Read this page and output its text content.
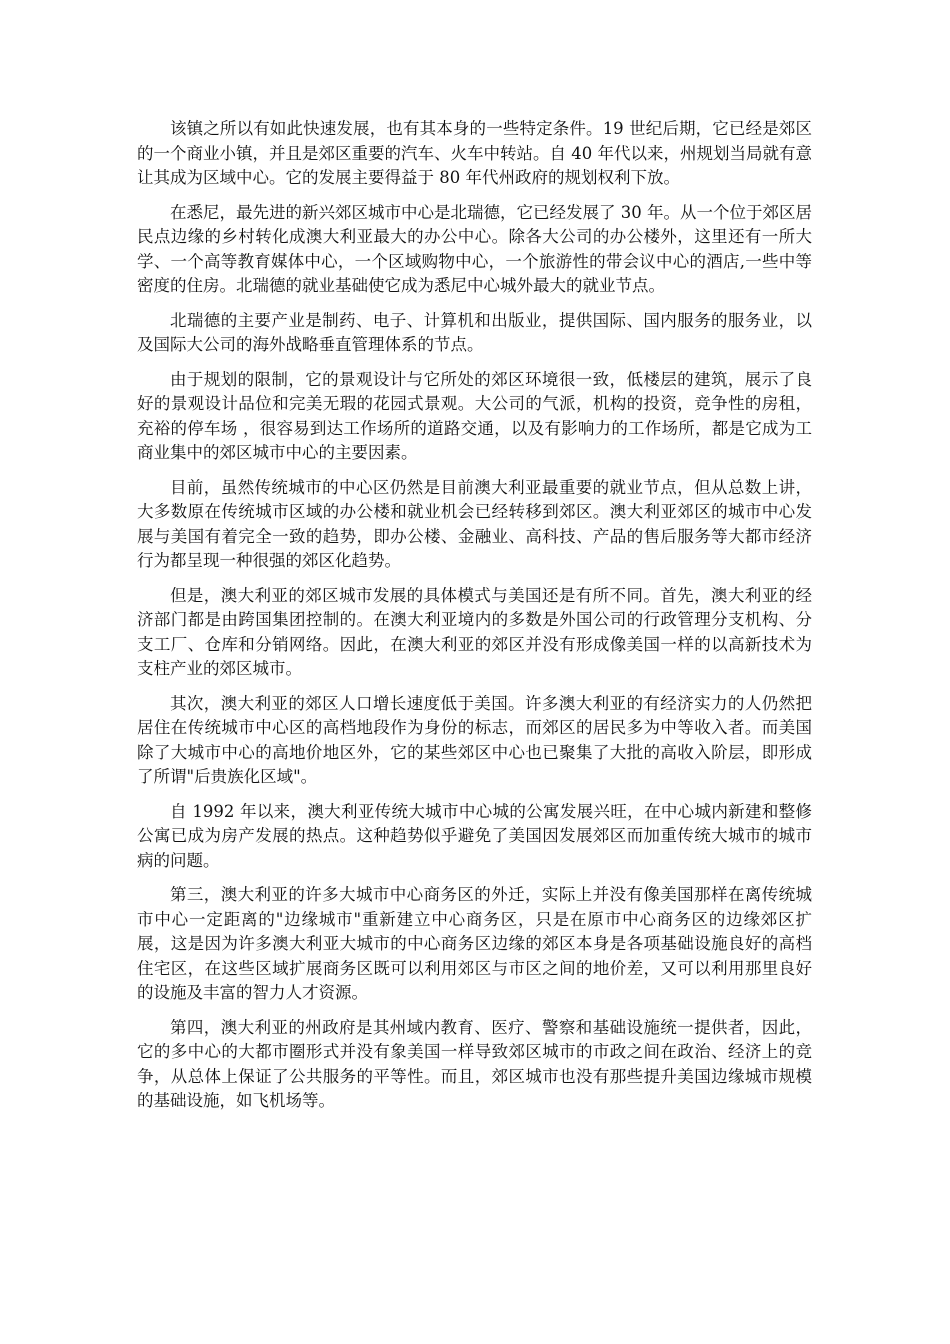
该镇之所以有如此快速发展，也有其本身的一些特定条件。19 世纪后期，它已经是郊区的一个商业小镇，并且是郊区重要的汽车、火车中转站。自 40 年代以来，州规划当局就有意让其成为区域中心。它的发展主要得益于 80 年代州政府的规划权利下放。

在悉尼，最先进的新兴郊区城市中心是北瑞德，它已经发展了 30 年。从一个位于郊区居民点边缘的乡村转化成澳大利亚最大的办公中心。除各大公司的办公楼外，这里还有一所大学、一个高等教育媒体中心，一个区域购物中心，一个旅游性的带会议中心的酒店,一些中等密度的住房。北瑞德的就业基础使它成为悉尼中心城外最大的就业节点。

北瑞德的主要产业是制药、电子、计算机和出版业，提供国际、国内服务的服务业，以及国际大公司的海外战略垂直管理体系的节点。

由于规划的限制，它的景观设计与它所处的郊区环境很一致，低楼层的建筑，展示了良好的景观设计品位和完美无瑕的花园式景观。大公司的气派，机构的投资，竞争性的房租，充裕的停车场 ，很容易到达工作场所的道路交通，以及有影响力的工作场所，都是它成为工商业集中的郊区城市中心的主要因素。

目前，虽然传统城市的中心区仍然是目前澳大利亚最重要的就业节点，但从总数上讲，大多数原在传统城市区域的办公楼和就业机会已经转移到郊区。澳大利亚郊区的城市中心发展与美国有着完全一致的趋势，即办公楼、金融业、高科技、产品的售后服务等大都市经济行为都呈现一种很强的郊区化趋势。

但是，澳大利亚的郊区城市发展的具体模式与美国还是有所不同。首先，澳大利亚的经济部门都是由跨国集团控制的。在澳大利亚境内的多数是外国公司的行政管理分支机构、分支工厂、仓库和分销网络。因此，在澳大利亚的郊区并没有形成像美国一样的以高新技术为支柱产业的郊区城市。

其次，澳大利亚的郊区人口增长速度低于美国。许多澳大利亚的有经济实力的人仍然把居住在传统城市中心区的高档地段作为身份的标志，而郊区的居民多为中等收入者。而美国除了大城市中心的高地价地区外，它的某些郊区中心也已聚集了大批的高收入阶层，即形成了所谓"后贵族化区域"。

自 1992 年以来，澳大利亚传统大城市中心城的公寓发展兴旺，在中心城内新建和整修公寓已成为房产发展的热点。这种趋势似乎避免了美国因发展郊区而加重传统大城市的城市病的问题。

第三，澳大利亚的许多大城市中心商务区的外迁，实际上并没有像美国那样在离传统城市中心一定距离的"边缘城市"重新建立中心商务区，只是在原市中心商务区的边缘郊区扩展，这是因为许多澳大利亚大城市的中心商务区边缘的郊区本身是各项基础设施良好的高档住宅区，在这些区域扩展商务区既可以利用郊区与市区之间的地价差，又可以利用那里良好的设施及丰富的智力人才资源。

第四，澳大利亚的州政府是其州域内教育、医疗、警察和基础设施统一提供者，因此，它的多中心的大都市圈形式并没有象美国一样导致郊区城市的市政之间在政治、经济上的竞争，从总体上保证了公共服务的平等性。而且，郊区城市也没有那些提升美国边缘城市规模的基础设施，如飞机场等。
